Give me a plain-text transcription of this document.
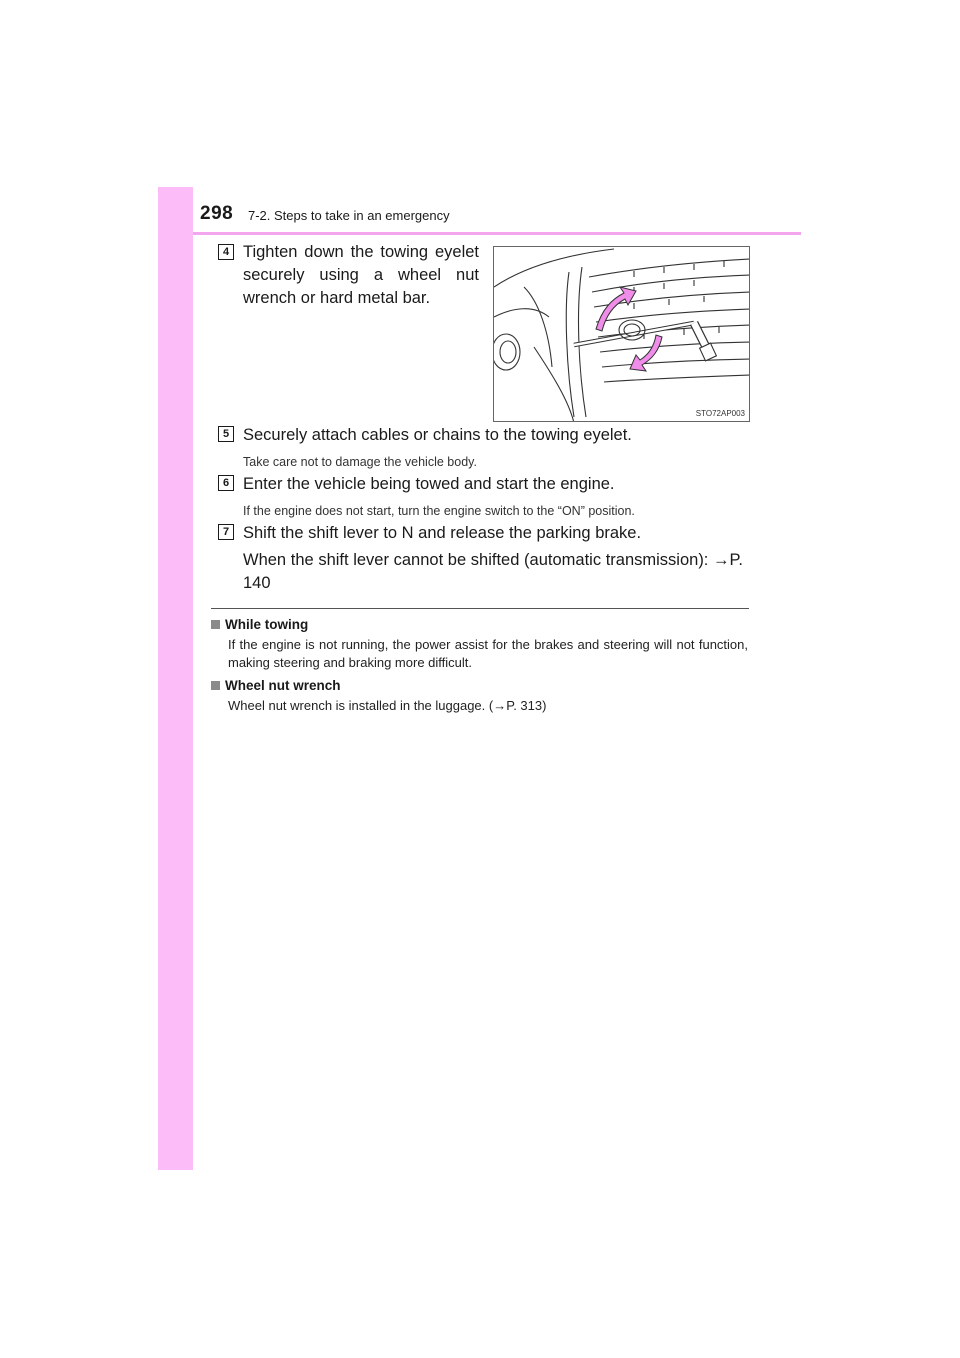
298 7-2. Steps to take in an emergency
4 Tighten down the towing eyelet securely using a wheel nut wrench or hard metal bar.
STO72AP003
5 Securely attach cables or chains to the towing eyelet.
Take care not to damage the vehicle body.
6 Enter the vehicle being towed and start the engine.
If the engine does not start, turn the engine switch to the “ON” position.
7 Shift the shift lever to N and release the parking brake.
When the shift lever cannot be shifted (automatic transmission): →P. 140
While towing
If the engine is not running, the power assist for the brakes and steering will not function, making steering and braking more difficult.
Wheel nut wrench
Wheel nut wrench is installed in the luggage. (→P. 313)
